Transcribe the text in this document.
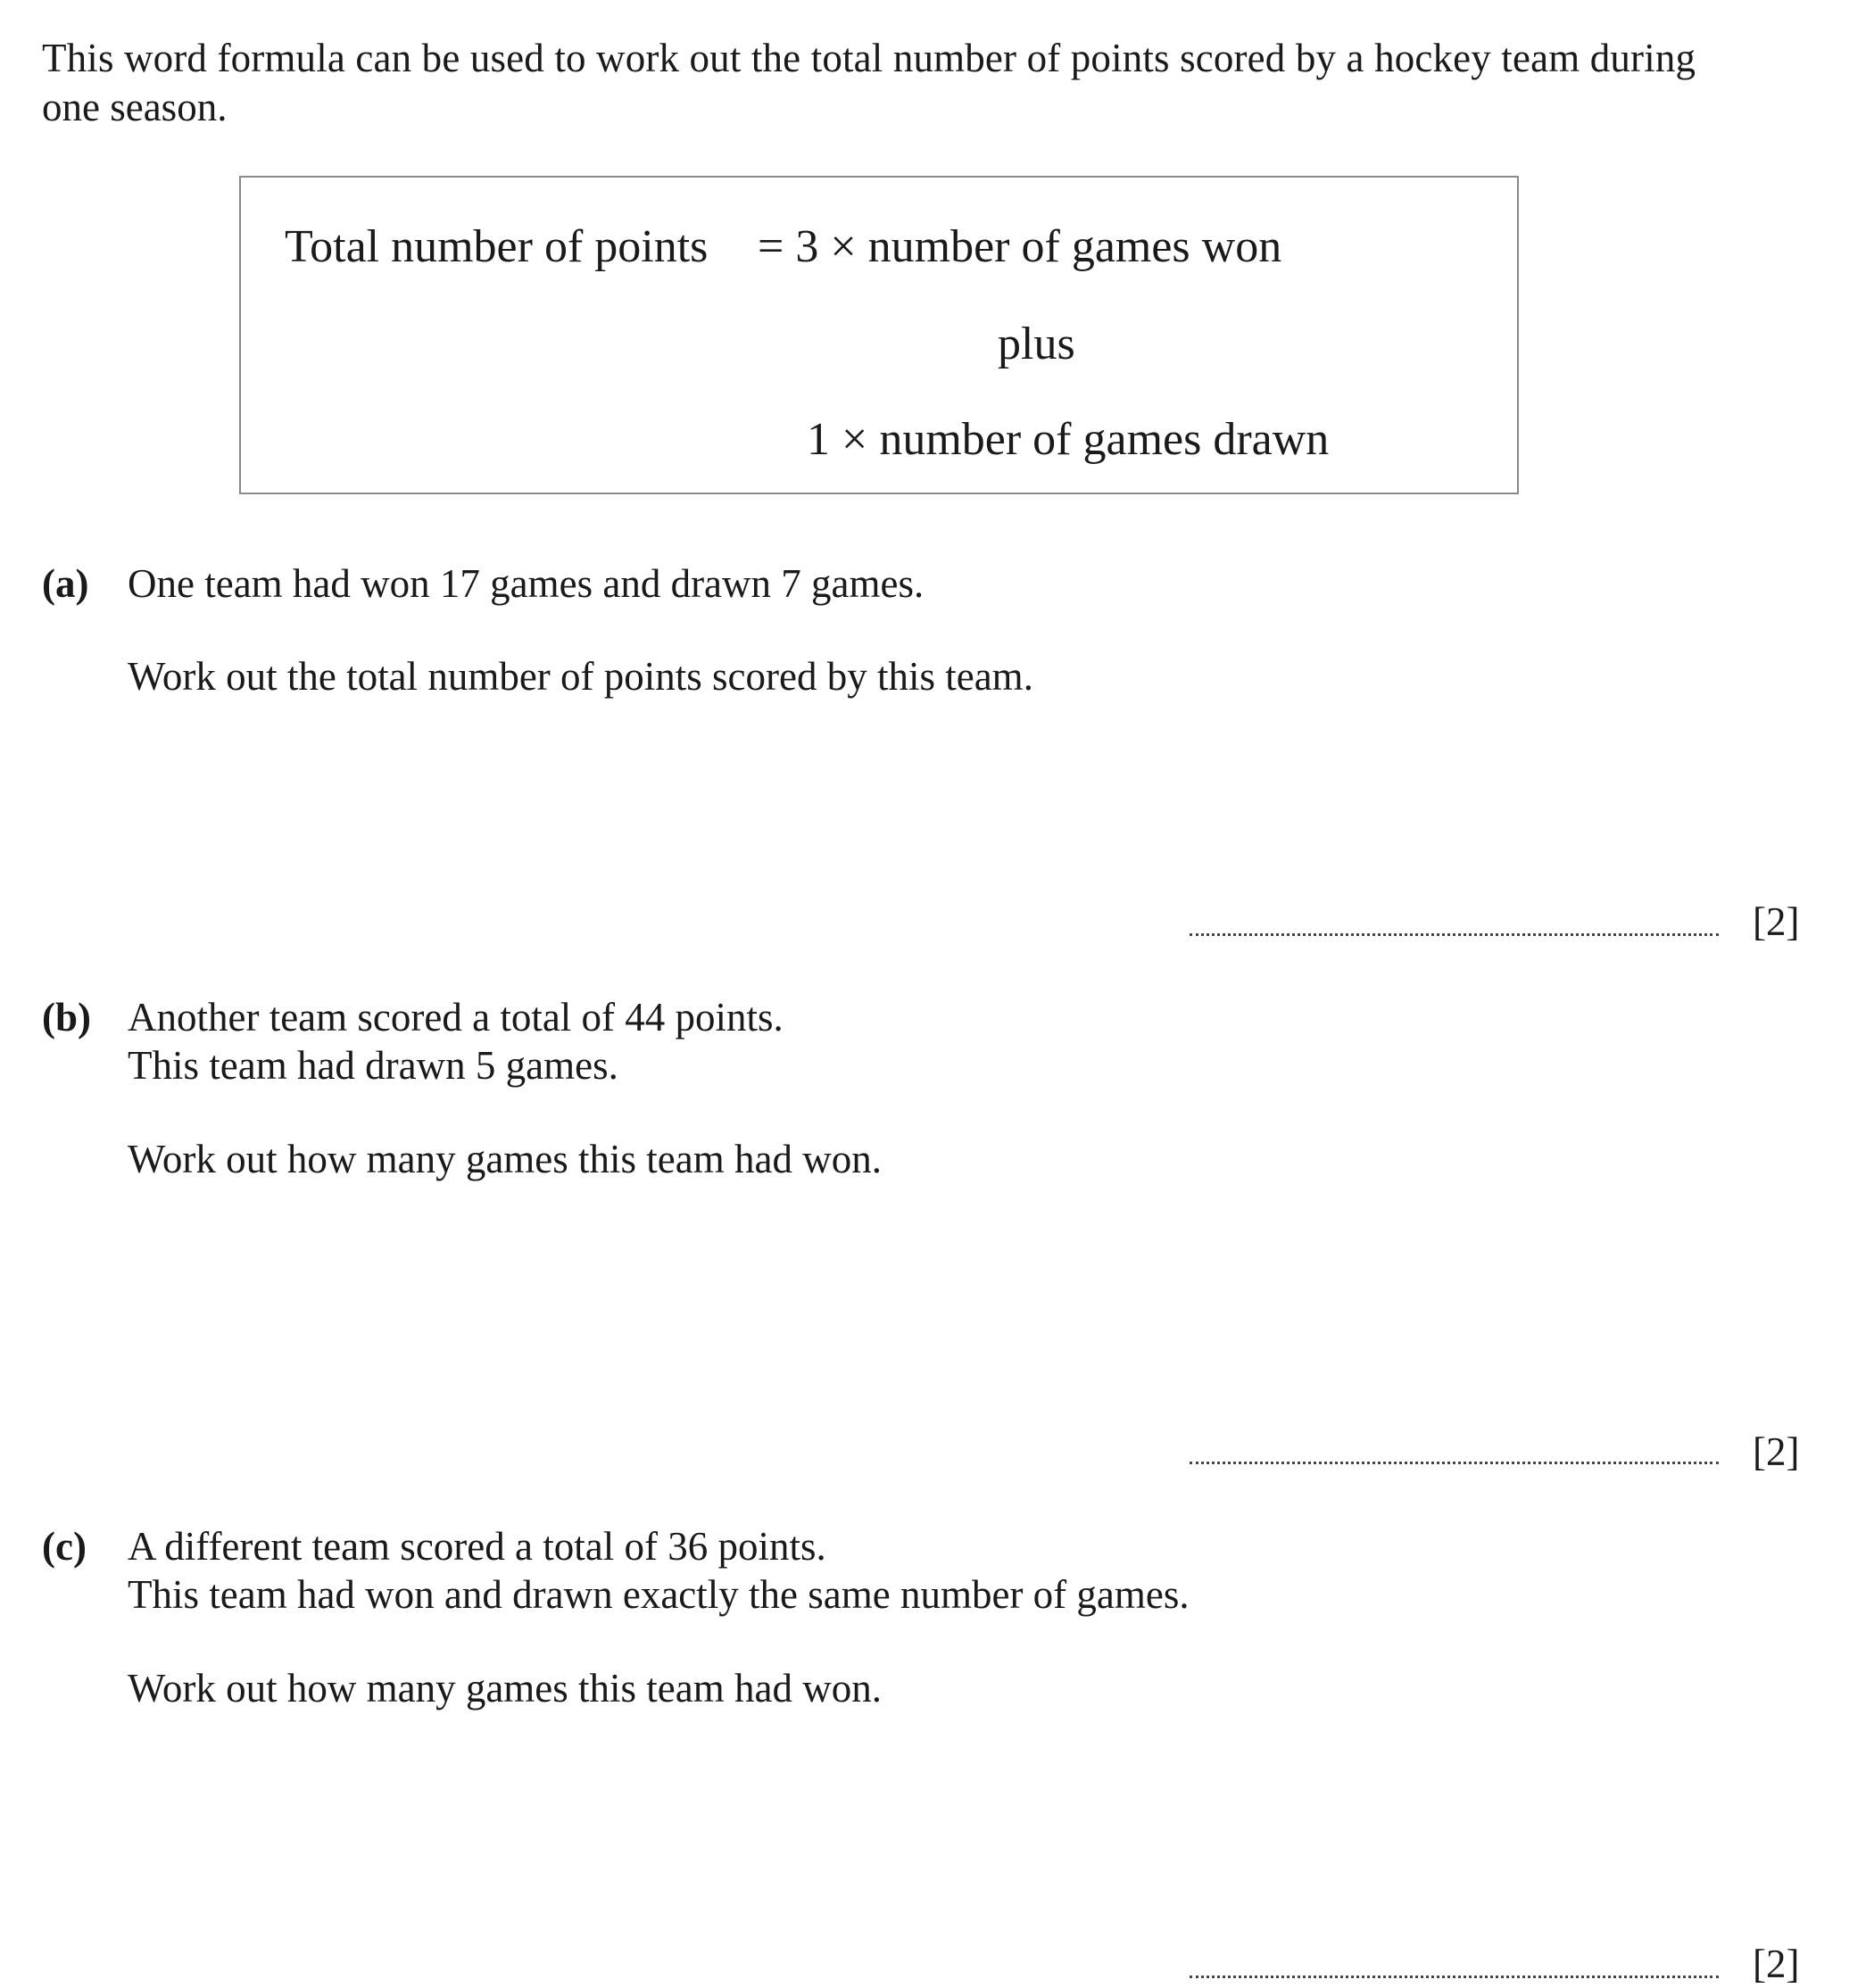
This word formula can be used to work out the total number of points scored by a hockey team during
one season.
Total number of points = 3 × number of games won
plus
1 × number of games drawn
(a) One team had won 17 games and drawn 7 games.
Work out the total number of points scored by this team.
[2]
(b) Another team scored a total of 44 points.
This team had drawn 5 games.
Work out how many games this team had won.
[2]
(c) A different team scored a total of 36 points.
This team had won and drawn exactly the same number of games.
Work out how many games this team had won.
[2]
